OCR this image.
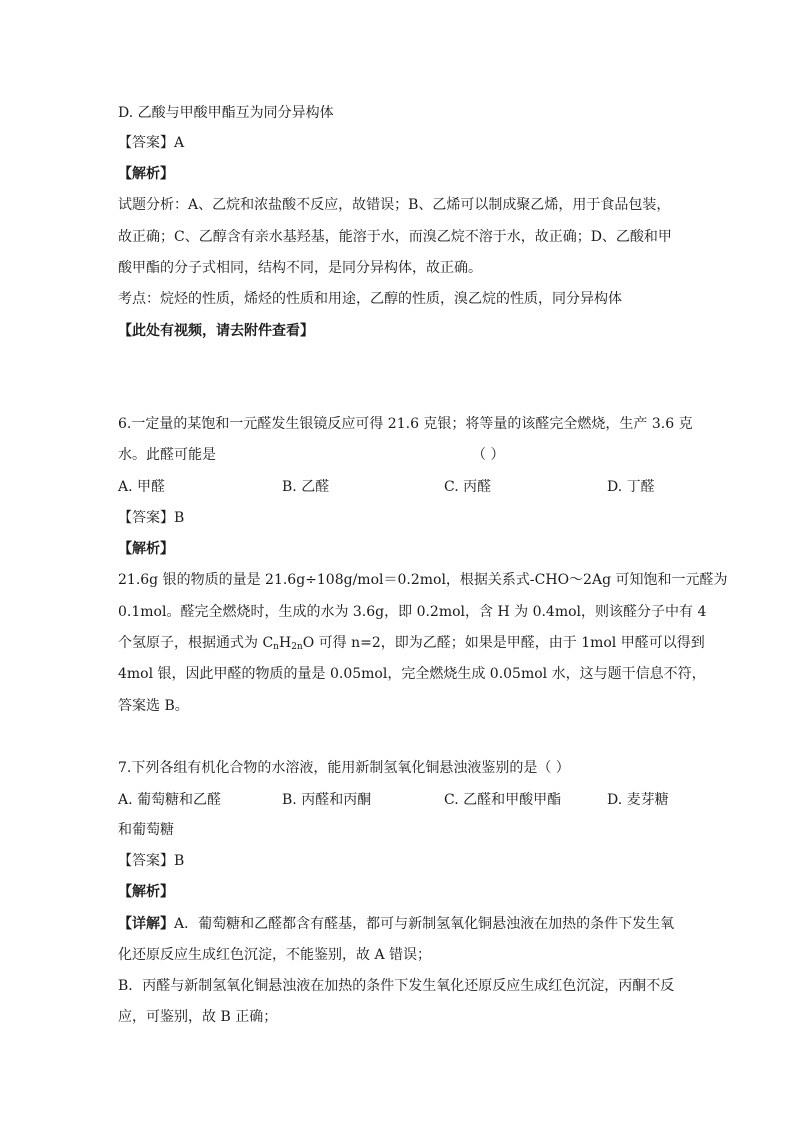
D. 乙酸与甲酸甲酯互为同分异构体
【答案】A
【解析】
试题分析：A、乙烷和浓盐酸不反应，故错误；B、乙烯可以制成聚乙烯，用于食品包装，
故正确；C、乙醇含有亲水基羟基，能溶于水，而溴乙烷不溶于水，故正确；D、乙酸和甲
酸甲酯的分子式相同，结构不同，是同分异构体，故正确。
考点：烷烃的性质，烯烃的性质和用途，乙醇的性质，溴乙烷的性质，同分异构体
【此处有视频，请去附件查看】
6.一定量的某饱和一元醛发生银镜反应可得 21.6 克银；将等量的该醛完全燃烧，生产 3.6 克
水。此醛可能是	（ ）
A. 甲醛	B. 乙醛	C. 丙醛	D. 丁醛
【答案】B
【解析】
21.6g 银的物质的量是 21.6g÷108g/mol＝0.2mol，根据关系式-CHO～2Ag 可知饱和一元醛为
0.1mol。醛完全燃烧时，生成的水为 3.6g，即 0.2mol，含 H 为 0.4mol，则该醛分子中有 4
个氢原子，根据通式为 $C_nH_{2n}O$ 可得 n=2，即为乙醛；如果是甲醛，由于 1mol 甲醛可以得到
4mol 银，因此甲醛的物质的量是 0.05mol，完全燃烧生成 0.05mol 水，这与题干信息不符，
答案选 B。
7.下列各组有机化合物的水溶液，能用新制氢氧化铜悬浊液鉴别的是（ ）
A. 葡萄糖和乙醛	B. 丙醛和丙酮	C. 乙醛和甲酸甲酯	D. 麦芽糖
和葡萄糖
【答案】B
【解析】
【详解】A．葡萄糖和乙醛都含有醛基，都可与新制氢氧化铜悬浊液在加热的条件下发生氧
化还原反应生成红色沉淀，不能鉴别，故 A 错误；
B．丙醛与新制氢氧化铜悬浊液在加热的条件下发生氧化还原反应生成红色沉淀，丙酮不反
应，可鉴别，故 B 正确；
